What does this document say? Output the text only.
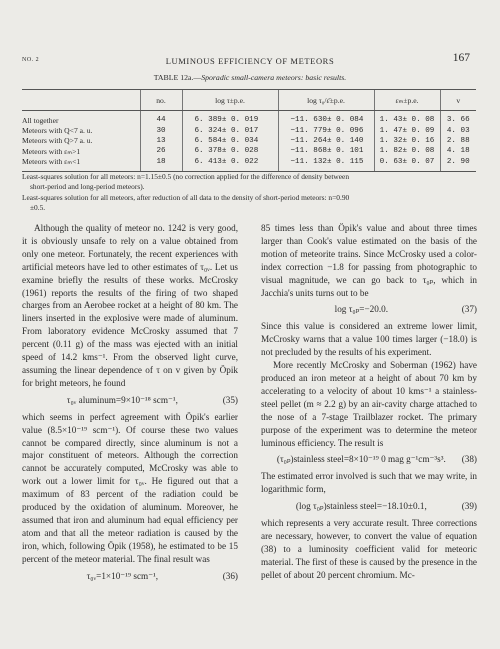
NO. 2	LUMINOUS EFFICIENCY OF METEORS	167
TABLE 12a.—Sporadic small-camera meteors: basic results.
	no.	log τ±p.e.	log τ₀/ε̄±p.e.	εₘ±p.e.	v
All together	44	6. 389± 0. 019	−11. 630± 0. 084	1. 43± 0. 08	3. 66
Meteors with Q<7 a. u.	30	6. 324± 0. 017	−11. 779± 0. 096	1. 47± 0. 09	4. 03
Meteors with Q>7 a. u.	13	6. 584± 0. 034	−11. 264± 0. 140	1. 32± 0. 16	2. 88
Meteors with εₘ>1	26	6. 378± 0. 028	−11. 868± 0. 101	1. 82± 0. 08	4. 18
Meteors with εₘ<1	18	6. 413± 0. 022	−11. 132± 0. 115	0. 63± 0. 07	2. 90
Least-squares solution for all meteors: n=1.15±0.5 (no correction applied for the difference of density between
short-period and long-period meteors).
Least-squares solution for all meteors, after reduction of all data to the density of short-period meteors: n=0.90
±0.5.

Although the quality of meteor no. 1242 is very good, it is obviously unsafe to rely on a value obtained from only one meteor. Fortunately, the recent experiences with artificial meteors have led to other estimates of τ₀ᵥ. Let us examine briefly the results of these works. McCrosky (1961) reports the results of the firing of two shaped charges from an Aerobee rocket at a height of 80 km. The liners inserted in the explosive were made of aluminum. From laboratory evidence McCrosky assumed that 7 percent (0.11 g) of the mass was ejected with an initial speed of 14.2 kms⁻¹. From the observed light curve, assuming the linear dependence of τ on v given by Öpik for bright meteors, he found

τ₀ᵥ aluminum=9×10⁻¹⁸ scm⁻¹,	(35)

which seems in perfect agreement with Öpik's earlier value (8.5×10⁻¹⁹ scm⁻¹). Of course these two values cannot be compared directly, since aluminum is not a major constituent of meteors. Although the correction cannot be accurately computed, McCrosky was able to work out a lower limit for τ₀ᵥ. He figured out that a maximum of 83 percent of the radiation could be produced by the oxidation of aluminum. Moreover, he assumed that iron and aluminum had equal efficiency per atom and that all the meteor radiation is caused by the iron, which, following Öpik (1958), he estimated to be 15 percent of the meteor material. The final result was

τ₀ᵥ=1×10⁻¹⁹ scm⁻¹,	(36)

85 times less than Öpik's value and about three times larger than Cook's value estimated on the basis of the motion of meteorite trains. Since McCrosky used a color-index correction −1.8 for passing from photographic to visual magnitude, we can go back to τ₀ₚ, which in Jacchia's units turns out to be

log τ₀ₚ=−20.0.	(37)

Since this value is considered an extreme lower limit, McCrosky warns that a value 100 times larger (−18.0) is not precluded by the results of his experiment.

More recently McCrosky and Soberman (1962) have produced an iron meteor at a height of about 70 km by accelerating to a velocity of about 10 kms⁻¹ a stainless-steel pellet (m ≈ 2.2 g) by an air-cavity charge attached to the nose of a 7-stage Trailblazer rocket. The primary purpose of the experiment was to determine the meteor luminous efficiency. The result is

(τ₀ₚ)stainless steel=8×10⁻¹⁹ 0 mag g⁻¹cm⁻³s³.	(38)

The estimated error involved is such that we may write, in logarithmic form,

(log τ₀ₚ)stainless steel=−18.10±0.1,	(39)

which represents a very accurate result. Three corrections are necessary, however, to convert the value of equation (38) to a luminosity coefficient valid for meteoric material. The first of these is caused by the presence in the pellet of about 20 percent chromium. Mc-
